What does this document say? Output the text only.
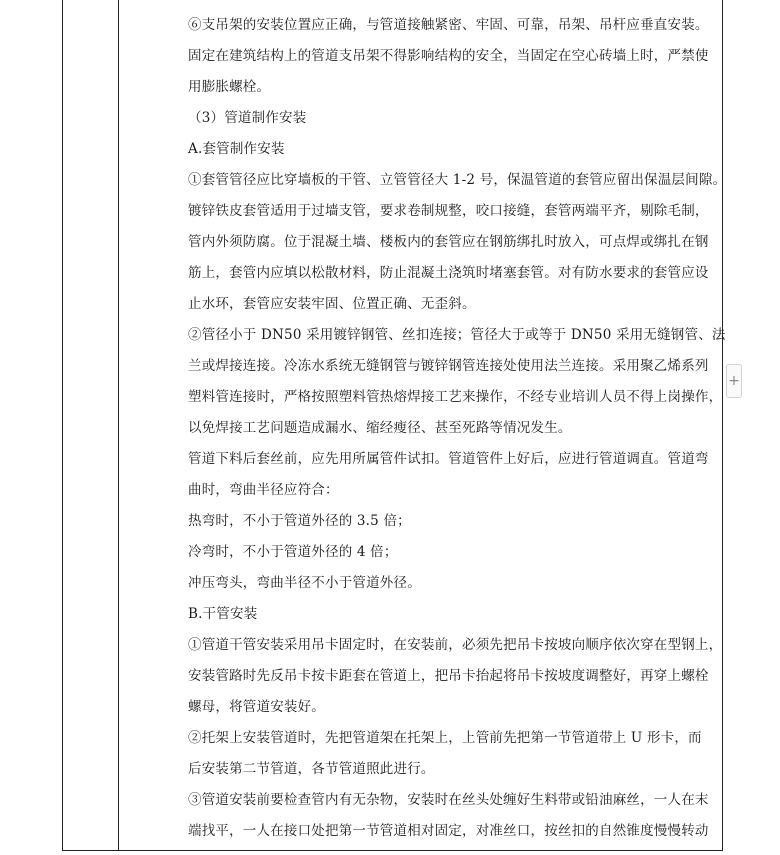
⑥支吊架的安装位置应正确，与管道接触紧密、牢固、可靠，吊架、吊杆应垂直安装。
固定在建筑结构上的管道支吊架不得影响结构的安全，当固定在空心砖墙上时，严禁使
用膨胀螺栓。
（3）管道制作安装
A.套管制作安装
①套管管径应比穿墙板的干管、立管管径大 1-2 号，保温管道的套管应留出保温层间隙。
镀锌铁皮套管适用于过墙支管，要求卷制规整，咬口接缝，套管两端平齐，剔除毛制，
管内外须防腐。位于混凝土墙、楼板内的套管应在钢筋绑扎时放入，可点焊或绑扎在钢
筋上，套管内应填以松散材料，防止混凝土浇筑时堵塞套管。对有防水要求的套管应设
止水环，套管应安装牢固、位置正确、无歪斜。
②管径小于 DN50 采用镀锌钢管、丝扣连接；管径大于或等于 DN50 采用无缝钢管、法
兰或焊接连接。冷冻水系统无缝钢管与镀锌钢管连接处使用法兰连接。采用聚乙烯系列
塑料管连接时，严格按照塑料管热熔焊接工艺来操作，不经专业培训人员不得上岗操作，
以免焊接工艺问题造成漏水、缩经瘦径、甚至死路等情况发生。
管道下料后套丝前，应先用所属管件试扣。管道管件上好后，应进行管道调直。管道弯
曲时，弯曲半径应符合：
热弯时，不小于管道外径的 3.5 倍；
冷弯时，不小于管道外径的 4 倍；
冲压弯头，弯曲半径不小于管道外径。
B.干管安装
①管道干管安装采用吊卡固定时，在安装前，必须先把吊卡按坡向顺序依次穿在型钢上，
安装管路时先反吊卡按卡距套在管道上，把吊卡抬起将吊卡按坡度调整好，再穿上螺栓
螺母，将管道安装好。
②托架上安装管道时，先把管道架在托架上，上管前先把第一节管道带上 U 形卡，而
后安装第二节管道，各节管道照此进行。
③管道安装前要检查管内有无杂物，安装时在丝头处缠好生料带或铅油麻丝，一人在末
端找平，一人在接口处把第一节管道相对固定，对准丝口，按丝扣的自然锥度慢慢转动
+
